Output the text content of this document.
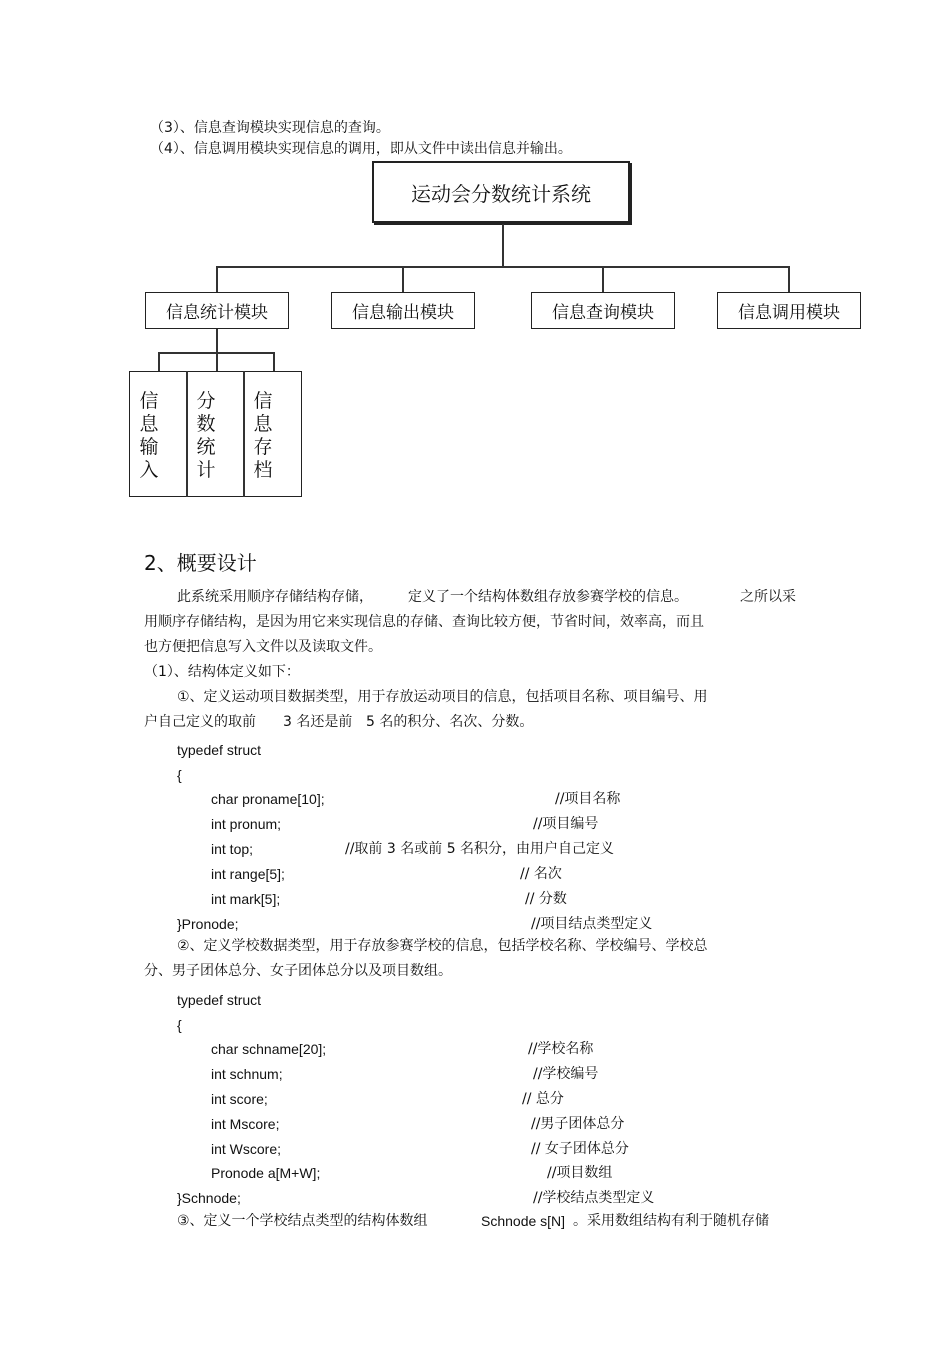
（3）、信息查询模块实现信息的查询。
（4）、信息调用模块实现信息的调用，即从文件中读出信息并输出。
运动会分数统计系统
信息统计模块	信息输出模块	信息查询模块	信息调用模块
信息输入
分数统计
信息存档
2、概要设计
此系统采用顺序存储结构存储，	定义了一个结构体数组存放参赛学校的信息。	之所以采
用顺序存储结构，是因为用它来实现信息的存储、查询比较方便，节省时间，效率高，而且
也方便把信息写入文件以及读取文件。
（1）、结构体定义如下：
①、定义运动项目数据类型，用于存放运动项目的信息，包括项目名称、项目编号、用
户自己定义的取前 3 名还是前 5 名的积分、名次、分数。
typedef struct
{
char proname[10];	//项目名称
int pronum;	//项目编号
int top;	//取前 3 名或前 5 名积分，由用户自己定义
int range[5];	// 名次
int mark[5];	// 分数
}Pronode;	//项目结点类型定义
②、定义学校数据类型，用于存放参赛学校的信息，包括学校名称、学校编号、学校总
分、男子团体总分、女子团体总分以及项目数组。
typedef struct
{
char schname[20];	//学校名称
int schnum;	//学校编号
int score;	// 总分
int Mscore;	//男子团体总分
int Wscore;	// 女子团体总分
Pronode a[M+W];	//项目数组
}Schnode;	//学校结点类型定义
③、定义一个学校结点类型的结构体数组	Schnode s[N] 。采用数组结构有利于随机存储
